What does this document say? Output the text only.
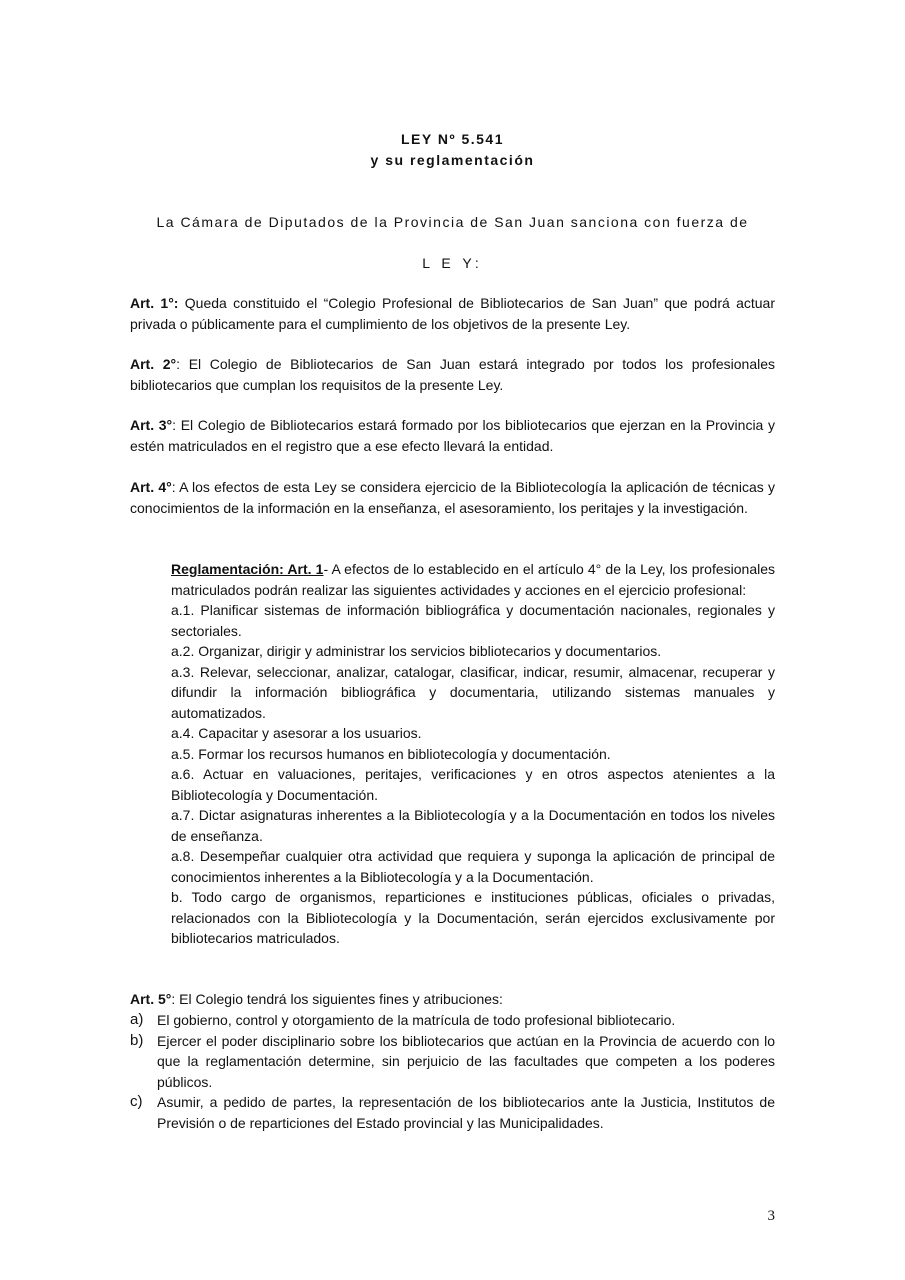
LEY Nº 5.541
y su reglamentación
La Cámara de Diputados de la Provincia de San Juan sanciona con fuerza de
L E Y:
Art. 1°: Queda constituido el “Colegio Profesional de Bibliotecarios de San Juan” que podrá actuar privada o públicamente para el cumplimiento de los objetivos de la presente Ley.
Art. 2°: El Colegio de Bibliotecarios de San Juan estará integrado por todos los profesionales bibliotecarios que cumplan los requisitos de la presente Ley.
Art. 3°: El Colegio de Bibliotecarios estará formado por los bibliotecarios que ejerzan en la Provincia y estén matriculados en el registro que a ese efecto llevará la entidad.
Art. 4°: A los efectos de esta Ley se considera ejercicio de la Bibliotecología la aplicación de técnicas y conocimientos de la información en la enseñanza, el asesoramiento, los peritajes y la investigación.

Reglamentación: Art. 1- A efectos de lo establecido en el artículo 4° de la Ley, los profesionales matriculados podrán realizar las siguientes actividades y acciones en el ejercicio profesional:

a.1. Planificar sistemas de información bibliográfica y documentación nacionales, regionales y sectoriales.

a.2. Organizar, dirigir y administrar los servicios bibliotecarios y documentarios.

a.3. Relevar, seleccionar, analizar, catalogar, clasificar, indicar, resumir, almacenar, recuperar y difundir la información bibliográfica y documentaria, utilizando sistemas manuales y automatizados.

a.4. Capacitar y asesorar a los usuarios.

a.5. Formar los recursos humanos en bibliotecología y documentación.

a.6. Actuar en valuaciones, peritajes, verificaciones y en otros aspectos atenientes a la Bibliotecología y Documentación.

a.7. Dictar asignaturas inherentes a la Bibliotecología y a la Documentación en todos los niveles de enseñanza.

a.8. Desempeñar cualquier otra actividad que requiera y suponga la aplicación de principal de conocimientos inherentes a la Bibliotecología y a la Documentación.

b. Todo cargo de organismos, reparticiones e instituciones públicas, oficiales o privadas, relacionados con la Bibliotecología y la Documentación, serán ejercidos exclusivamente por bibliotecarios matriculados.

Art. 5°: El Colegio tendrá los siguientes fines y atribuciones:
a) El gobierno, control y otorgamiento de la matrícula de todo profesional bibliotecario.
b) Ejercer el poder disciplinario sobre los bibliotecarios que actúan en la Provincia de acuerdo con lo que la reglamentación determine, sin perjuicio de las facultades que competen a los poderes públicos.
c) Asumir, a pedido de partes, la representación de los bibliotecarios ante la Justicia, Institutos de Previsión o de reparticiones del Estado provincial y las Municipalidades.
3
